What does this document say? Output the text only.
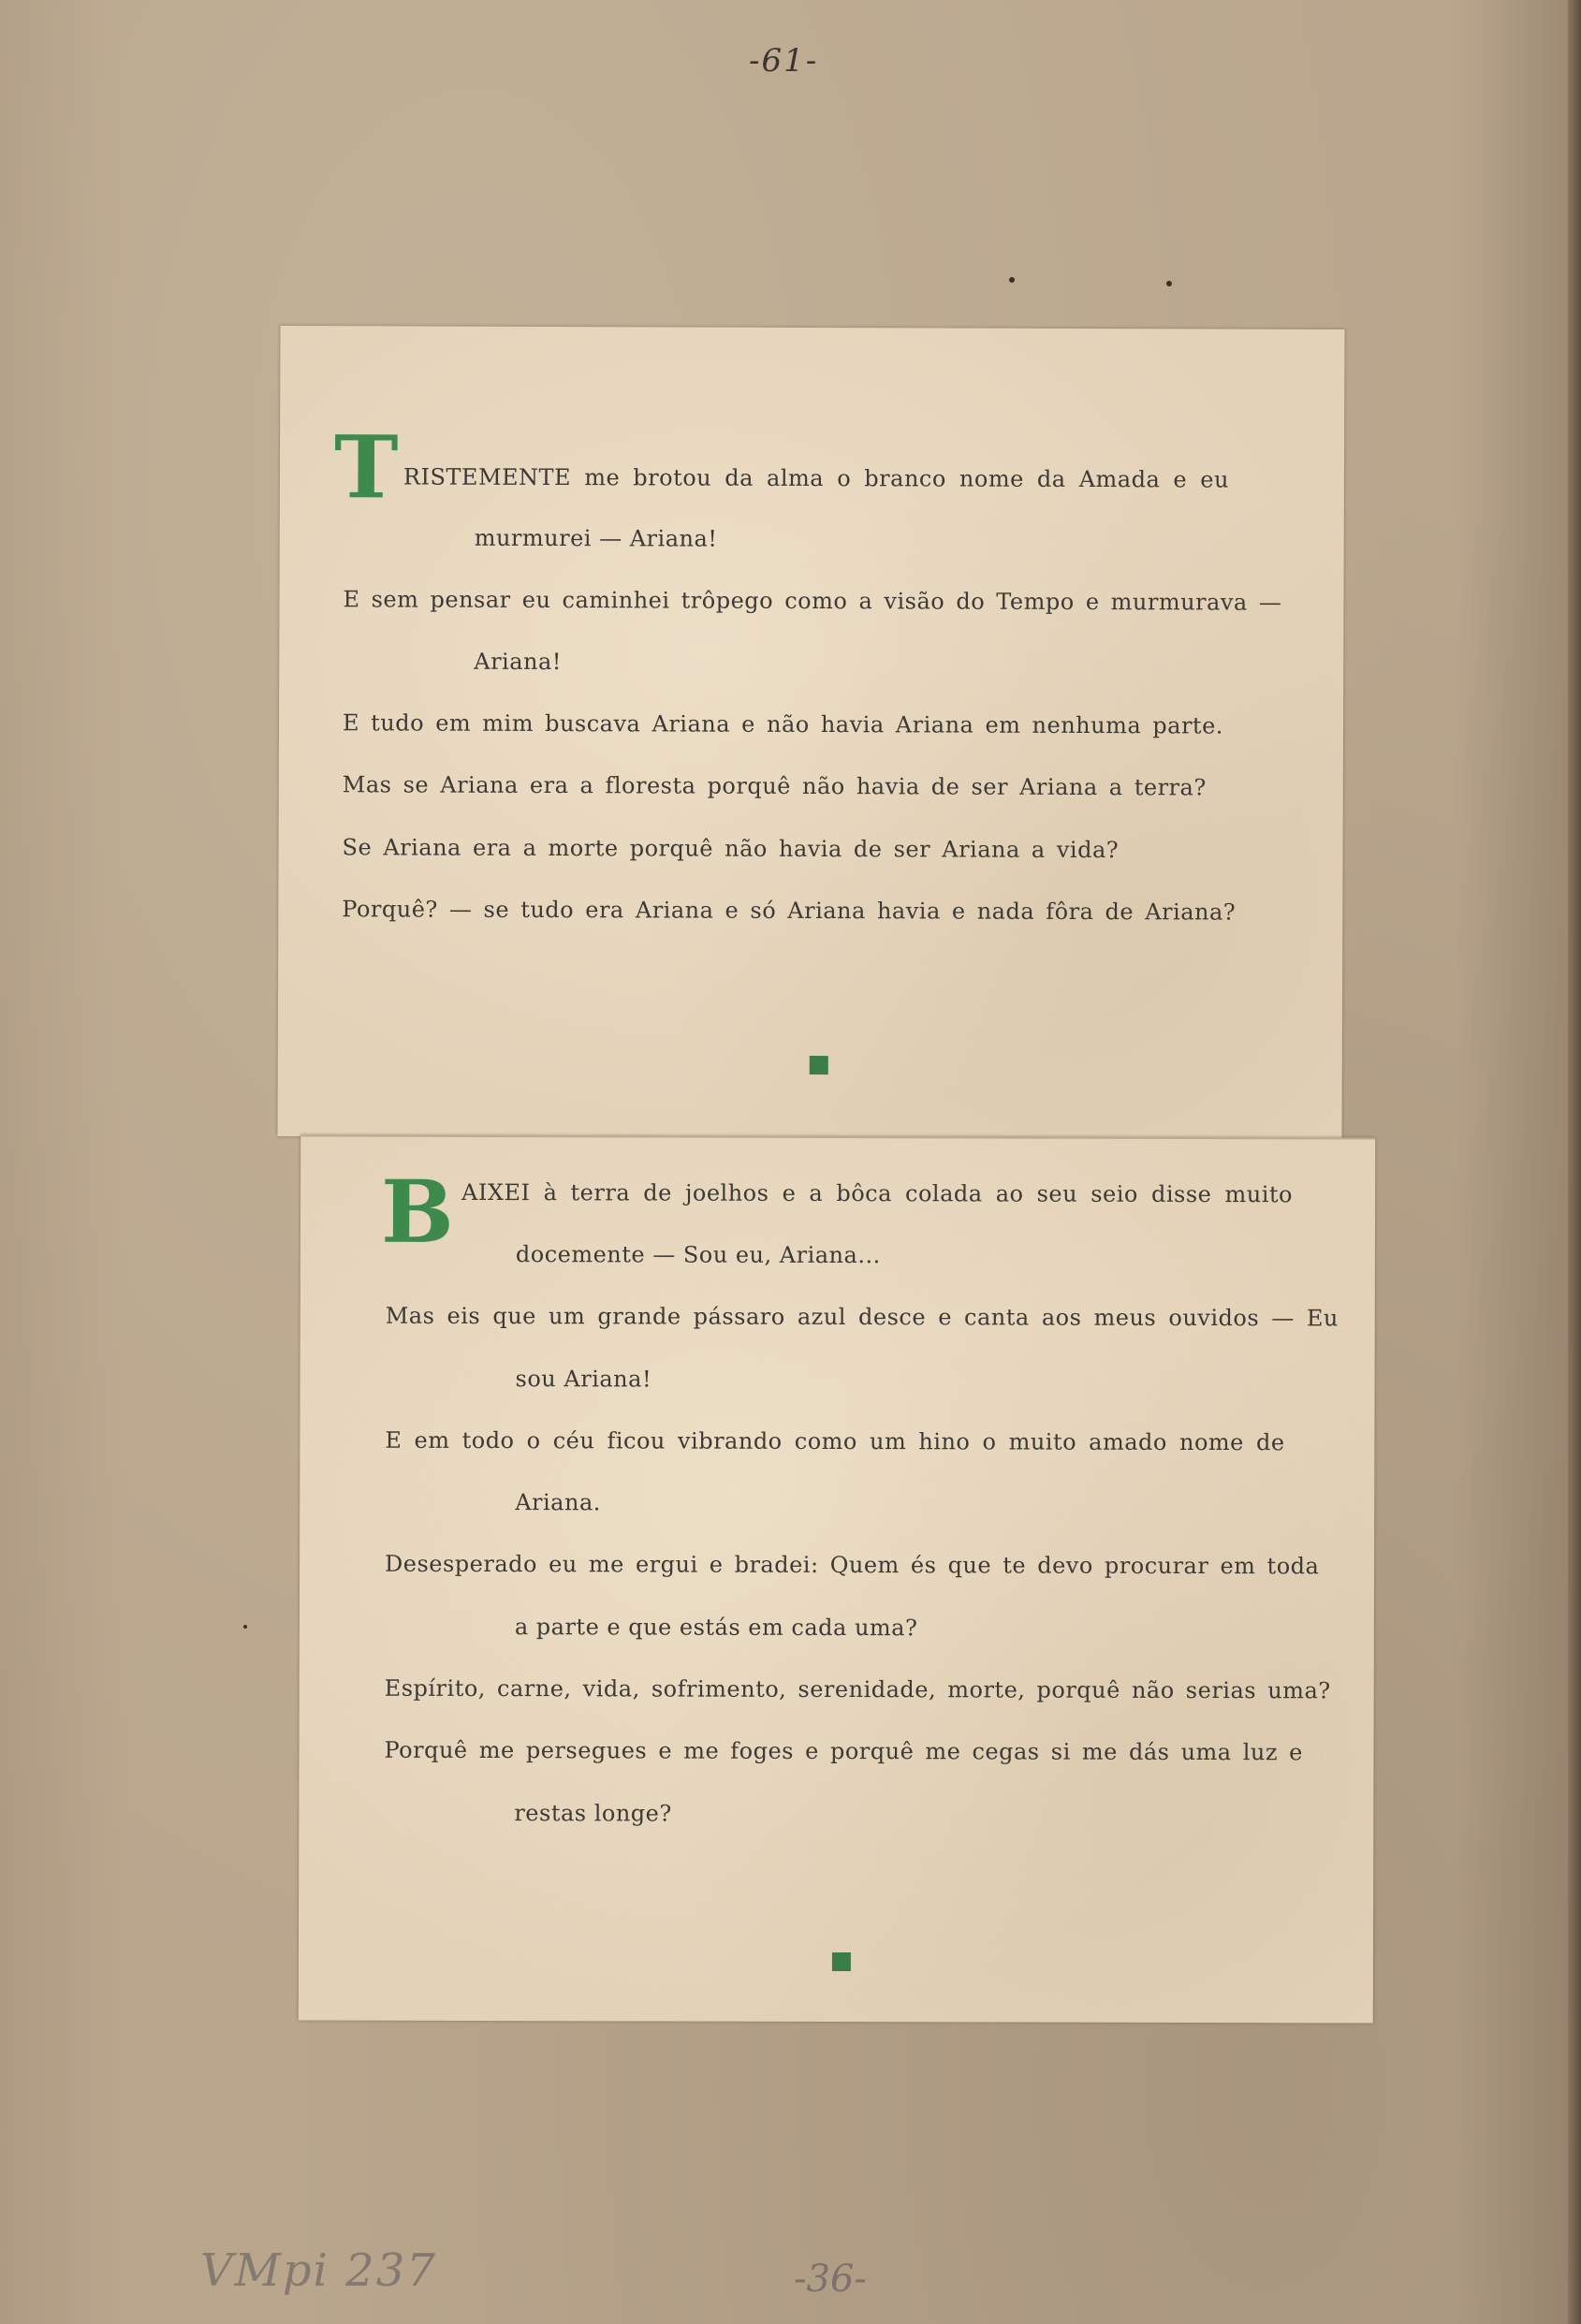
-61-
T RISTEMENTE me brotou da alma o branco nome da Amada e eu
murmurei — Ariana!
E sem pensar eu caminhei trôpego como a visão do Tempo e murmurava —
Ariana!
E tudo em mim buscava Ariana e não havia Ariana em nenhuma parte.
Mas se Ariana era a floresta porquê não havia de ser Ariana a terra?
Se Ariana era a morte porquê não havia de ser Ariana a vida?
Porquê? — se tudo era Ariana e só Ariana havia e nada fôra de Ariana?
B AIXEI à terra de joelhos e a bôca colada ao seu seio disse muito
docemente — Sou eu, Ariana...
Mas eis que um grande pássaro azul desce e canta aos meus ouvidos — Eu
sou Ariana!
E em todo o céu ficou vibrando como um hino o muito amado nome de
Ariana.
Desesperado eu me ergui e bradei: Quem és que te devo procurar em toda
a parte e que estás em cada uma?
Espírito, carne, vida, sofrimento, serenidade, morte, porquê não serias uma?
Porquê me persegues e me foges e porquê me cegas si me dás uma luz e
restas longe?
VMpi 237	-36-
